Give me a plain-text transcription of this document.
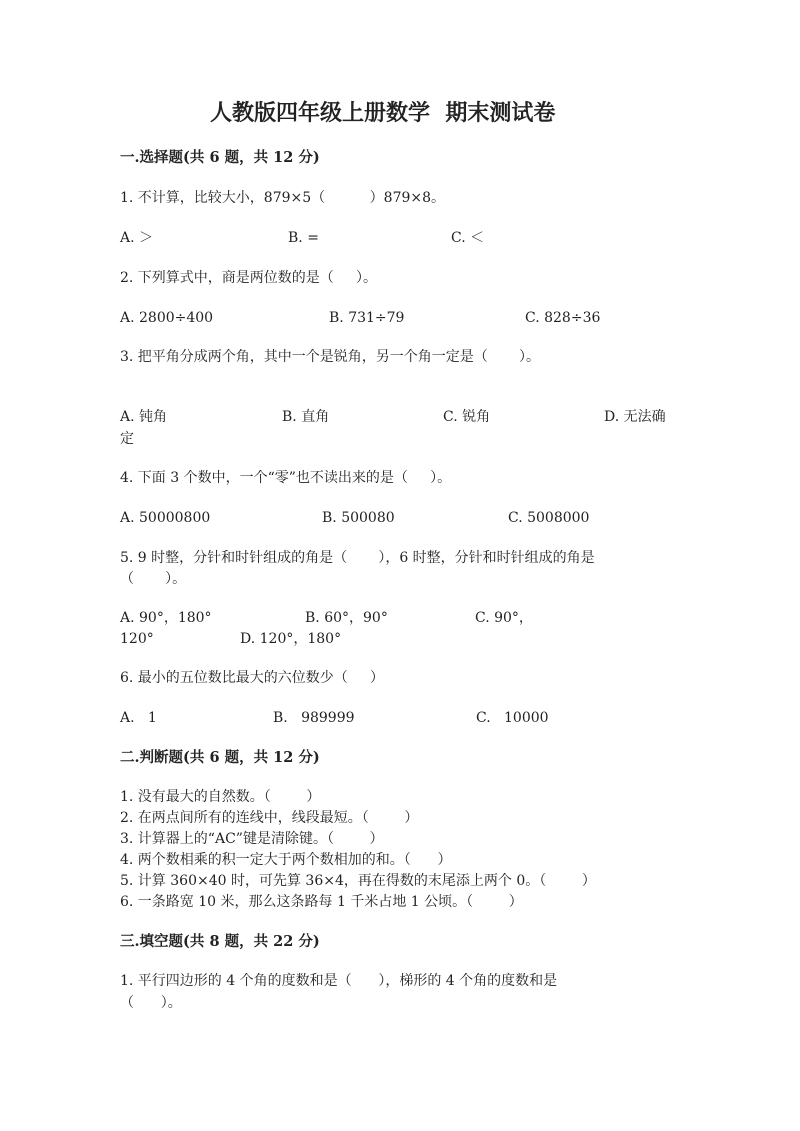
人教版四年级上册数学  期末测试卷
一.选择题(共 6 题，共 12 分)
1. 不计算，比较大小，879×5（          ）879×8。
A. ＞	B. =	C. ＜
2. 下列算式中，商是两位数的是（     ）。
A. 2800÷400	B. 731÷79	C. 828÷36
3. 把平角分成两个角，其中一个是锐角，另一个角一定是（       ）。
A. 钝角	B. 直角	C. 锐角	D. 无法确
定
4. 下面 3 个数中，一个“零”也不读出来的是（     ）。
A. 50000800	B. 500080	C. 5008000
5. 9 时整，分针和时针组成的角是（       ），6 时整，分针和时针组成的角是
（       ）。
A. 90°，180°	B. 60°，90°	C. 90°，
120°	D. 120°，180°
6. 最小的五位数比最大的六位数少（     ）
A.   1	B.   989999	C.   10000
二.判断题(共 6 题，共 12 分)
1. 没有最大的自然数。（        ）
2. 在两点间所有的连线中，线段最短。（        ）
3. 计算器上的“AC”键是清除键。（        ）
4. 两个数相乘的积一定大于两个数相加的和。（      ）
5. 计算 360×40 时，可先算 36×4，再在得数的末尾添上两个 0。（        ）
6. 一条路宽 10 米，那么这条路每 1 千米占地 1 公顷。（        ）
三.填空题(共 8 题，共 22 分)
1. 平行四边形的 4 个角的度数和是（      ），梯形的 4 个角的度数和是
（      ）。
